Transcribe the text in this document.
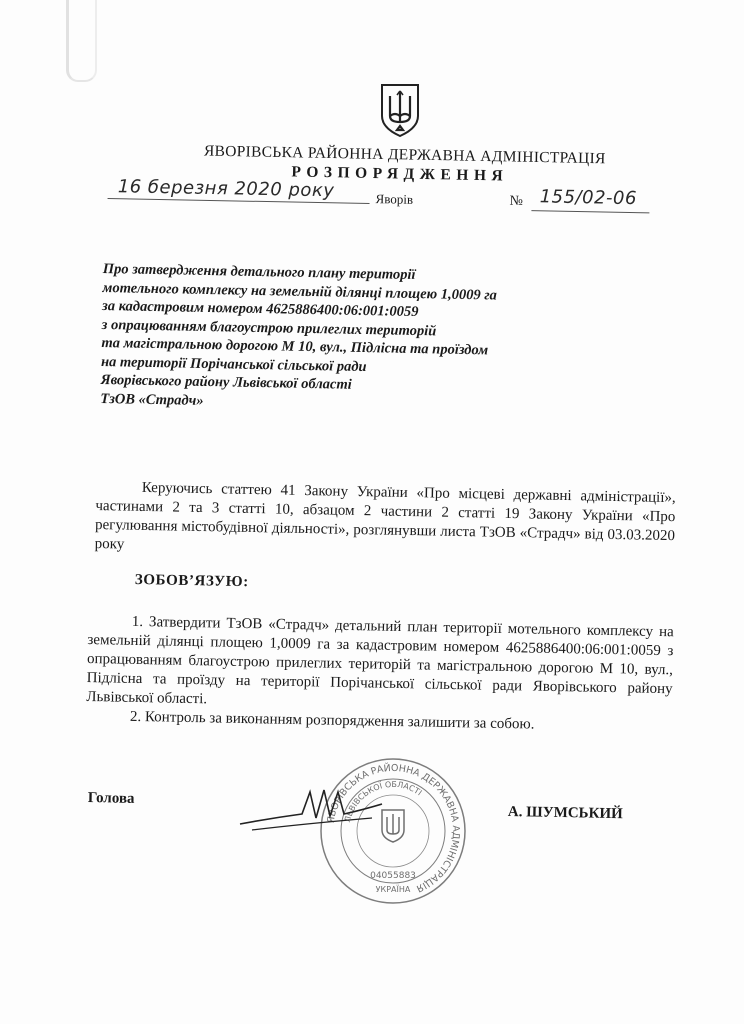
ЯВОРІВСЬКА РАЙОННА ДЕРЖАВНА АДМІНІСТРАЦІЯ
РОЗПОРЯДЖЕННЯ
16 березня 2020 року	Яворів	№ 155/02-06
Про затвердження детального плану території
мотельного комплексу на земельній ділянці площею 1,0009 га
за кадастровим номером 4625886400:06:001:0059
з опрацюванням благоустрою прилеглих територій
та магістральною дорогою М 10, вул., Підлісна та проїздом
на території Порічанської сільської ради
Яворівського району Львівської області
ТзОВ «Страдч»
Керуючись статтею 41 Закону України «Про місцеві державні адміністрації», частинами 2 та 3 статті 10, абзацом 2 частини 2 статті 19 Закону України «Про регулювання містобудівної діяльності», розглянувши листа ТзОВ «Страдч» від 03.03.2020 року
ЗОБОВ’ЯЗУЮ:

1. Затвердити ТзОВ «Страдч» детальний план території мотельного комплексу на земельній ділянці площею 1,0009 га за кадастровим номером 4625886400:06:001:0059 з опрацюванням благоустрою прилеглих територій та магістральною дорогою М 10, вул., Підлісна та проїзду на території Порічанської сільської ради Яворівського району Львівської області.

2. Контроль за виконанням розпорядження залишити за собою.

Голова
ЯВОРІВСЬКА РАЙОННА ДЕРЖАВНА АДМІНІСТРАЦІЯ
ЛЬВІВСЬКОЇ ОБЛАСТІ
04055883
УКРАЇНА
А. ШУМСЬКИЙ
